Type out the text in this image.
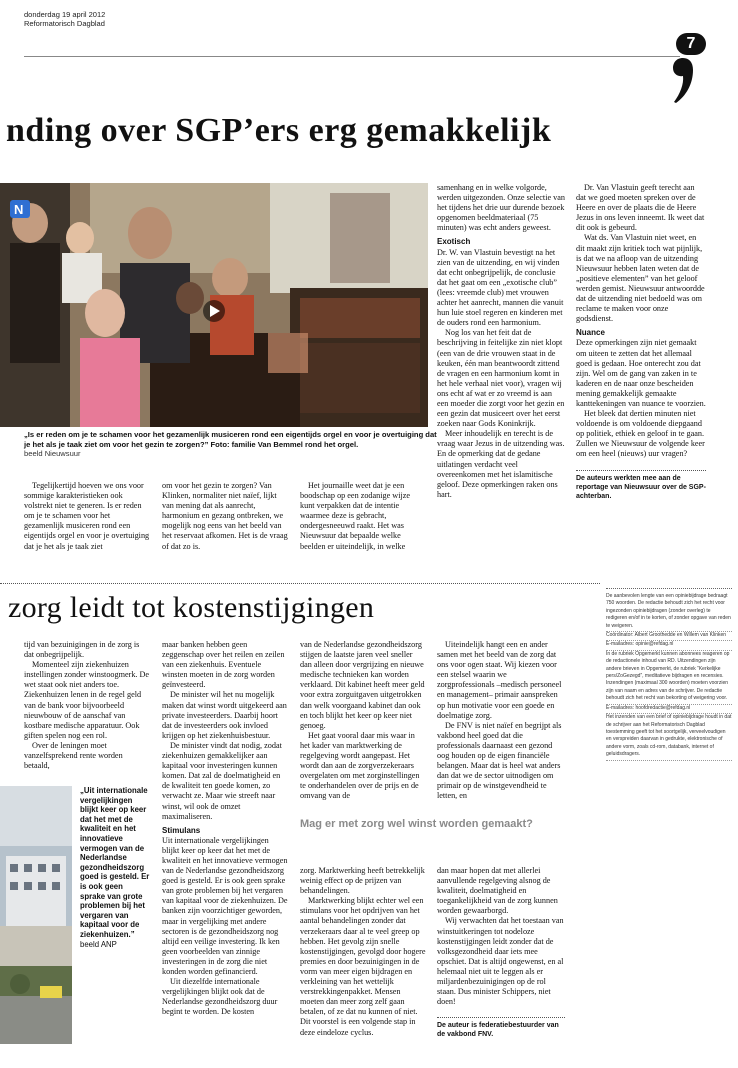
donderdag 19 april 2012
Reformatorisch Dagblad
7
nding over SGP’ers erg gemakkelijk
N
„Is er reden om je te schamen voor het gezamenlijk musiceren rond een eigentijds orgel en voor je overtuiging dat je het als je taak ziet om voor het gezin te zorgen?” Foto: familie Van Bemmel rond het orgel.
beeld Nieuwsuur

Tegelijkertijd hoeven we ons voor sommige karakteristieken ook volstrekt niet te generen. Is er reden om je te schamen voor het gezamenlijk musiceren rond een eigentijds orgel en voor je overtuiging dat je het als je taak ziet

om voor het gezin te zorgen? Van Klinken, normaliter niet naïef, lijkt van mening dat als aanrecht, harmonium en gezang ontbreken, we mogelijk nog eens van het beeld van het reservaat afkomen. Het is de vraag of dat zo is.

Het journaille weet dat je een boodschap op een zodanige wijze kunt verpakken dat de intentie waarmee deze is gebracht, ondergesneeuwd raakt. Het was Nieuwsuur dat bepaalde welke beelden er uiteindelijk, in welke

samenhang en in welke volgorde, werden uitgezonden. Onze selectie van het tijdens het drie uur durende bezoek opgenomen beeldmateriaal (75 minuten) was echt anders geweest.

Exotisch

Dr. W. van Vlastuin bevestigt na het zien van de uitzending, en wij vinden dat echt onbegrijpelijk, de conclusie dat het gaat om een „exotische club” (lees: vreemde club) met vrouwen achter het aanrecht, mannen die vanuit hun luie stoel regeren en kinderen met de ouders rond een harmonium.

Nog los van het feit dat de beschrijving in feitelijke zin niet klopt (een van de drie vrouwen staat in de keuken, één man beantwoordt zittend de vragen en een harmonium komt in het hele verhaal niet voor), vragen wij ons echt af wat er zo vreemd is aan een moeder die zorgt voor het gezin en een gezin dat musiceert over het eerst zoeken naar Gods Koninkrijk.

Meer inhoudelijk en terecht is de vraag waar Jezus in de uitzending was. En de opmerking dat de gedane uitlatingen verdacht veel overeenkomen met het islamitische geloof. Deze opmerkingen raken ons hart.

Dr. Van Vlastuin geeft terecht aan dat we goed moeten spreken over de Heere en over de plaats die de Heere Jezus in ons leven inneemt. Ik weet dat dit ook is gebeurd.

Wat ds. Van Vlastuin niet weet, en dit maakt zijn kritiek toch wat pijnlijk, is dat we na afloop van de uitzending Nieuwsuur hebben laten weten dat de „positieve elementen” van het geloof werden gemist. Nieuwsuur antwoordde dat de uitzending niet bedoeld was om reclame te maken voor onze godsdienst.

Nuance

Deze opmerkingen zijn niet gemaakt om uiteen te zetten dat het allemaal goed is gedaan. Hoe onterecht zou dat zijn. Wel om de gang van zaken in te kaderen en de naar onze bescheiden mening gemakkelijk gemaakte kanttekeningen van nuance te voorzien.

Het bleek dat dertien minuten niet voldoende is om voldoende diepgaand op politiek, ethiek en geloof in te gaan. Zullen we Nieuwsuur de volgende keer om een heel (nieuws) uur vragen?

De auteurs werkten mee aan de reportage van Nieuwsuur over de SGP-achterban.
zorg leidt tot kostenstijgingen

tijd van bezuinigingen in de zorg is dat onbegrijpelijk.

Momenteel zijn ziekenhuizen instellingen zonder winstoogmerk. De wet staat ook niet anders toe. Ziekenhuizen lenen in de regel geld van de bank voor bijvoorbeeld nieuwbouw of de aanschaf van kostbare medische apparatuur. Ook giften spelen nog een rol.

Over de leningen moet vanzelfsprekend rente worden betaald,

„Uit internationale vergelijkingen blijkt keer op keer dat het met de kwaliteit en het innovatieve vermogen van de Nederlandse gezondheidszorg goed is gesteld. Er is ook geen sprake van grote problemen bij het vergaren van kapitaal voor de ziekenhuizen.”
beeld ANP

maar banken hebben geen zeggenschap over het reilen en zeilen van een ziekenhuis. Eventuele winsten moeten in de zorg worden geïnvesteerd.

De minister wil het nu mogelijk maken dat winst wordt uitgekeerd aan private investeerders. Daarbij hoort dat de investeerders ook invloed krijgen op het ziekenhuisbestuur.

De minister vindt dat nodig, zodat ziekenhuizen gemakkelijker aan kapitaal voor investeringen kunnen komen. Dat zal de doelmatigheid en de kwaliteit ten goede komen, zo verwacht ze. Maar wie streeft naar winst, wil ook de omzet maximaliseren.

Stimulans

Uit internationale vergelijkingen blijkt keer op keer dat het met de kwaliteit en het innovatieve vermogen van de Nederlandse gezondheidszorg goed is gesteld. Er is ook geen sprake van grote problemen bij het vergaren van kapitaal voor de ziekenhuizen. De banken zijn voorzichtiger geworden, maar in vergelijking met andere sectoren is de gezondheidszorg nog altijd een veilige investering. Ik ken geen voorbeelden van zinnige investeringen in de zorg die niet konden worden gefinancierd.

Uit diezelfde internationale vergelijkingen blijkt ook dat de Nederlandse gezondheidszorg duur begint te worden. De kosten

van de Nederlandse gezondheidszorg stijgen de laatste jaren veel sneller dan alleen door vergrijzing en nieuwe medische technieken kan worden verklaard. Dit kabinet heeft meer geld voor extra zorguitgaven uitgetrokken dan welk voorgaand kabinet dan ook en toch blijkt het keer op keer niet genoeg.

Het gaat vooral daar mis waar in het kader van marktwerking de regelgeving wordt aangepast. Het wordt dan aan de zorgverzekeraars overgelaten om met zorginstellingen te onderhandelen over de prijs en de omvang van de

Mag er met zorg wel winst worden gemaakt?

zorg. Marktwerking heeft betrekkelijk weinig effect op de prijzen van behandelingen.

Marktwerking blijkt echter wel een stimulans voor het opdrijven van het aantal behandelingen zonder dat verzekeraars daar al te veel greep op hebben. Het gevolg zijn snelle kostenstijgingen, gevolgd door hogere premies en door bezuinigingen in de vorm van meer eigen bijdragen en verkleining van het wettelijk verstrekkingenpakket. Mensen moeten dan meer zorg zelf gaan betalen, of ze dat nu kunnen of niet. Dit voorstel is een volgende stap in deze eindeloze cyclus.

Uiteindelijk hangt een en ander samen met het beeld van de zorg dat ons voor ogen staat. Wij kiezen voor een stelsel waarin we zorgprofessionals –medisch personeel en management– primair aanspreken op hun motivatie voor een goede en doelmatige zorg.

De FNV is niet naïef en begrijpt als vakbond heel goed dat die professionals daarnaast een gezond oog houden op de eigen financiële belangen. Maar dat is heel wat anders dan dat we de sector uitnodigen om primair op de winstgevendheid te letten, en

dan maar hopen dat met allerlei aanvullende regelgeving alsnog de kwaliteit, doelmatigheid en toegankelijkheid van de zorg kunnen worden gewaarborgd.

Wij verwachten dat het toestaan van winstuitkeringen tot nodeloze kostenstijgingen leidt zonder dat de volksgezondheid daar iets mee opschiet. Dat is altijd ongewenst, en al helemaal niet uit te leggen als er miljardenbezuinigingen op de rol staan. Dus minister Schippers, niet doen!

De auteur is federatiebestuurder van de vakbond FNV.
De aanbevolen lengte van een opiniebijdrage bedraagt 750 woorden. De redactie behoudt zich het recht voor ingezonden opiniebijdragen (zonder overleg) te redigeren en/of in te korten, of zonder opgave van reden te weigeren.
Coördinator: Albert Groothedde en Willem van Klinken
E-mailadres: opinie@refdag.nl
In de rubriek Opgemerkt kunnen abonnees reageren op de redactionele inhoud van RD. Uitzendingen zijn andere brieven in Opgemerkt, de rubriek “Kerkelijke pers/ZoGezegd”, meditatieve bijdragen en recensies. Inzendingen (maximaal 300 woorden) moeten voorzien zijn van naam en adres van de schrijver. De redactie behoudt zich het recht van bekorting of weigering voor.
E-mailadres: hoofdredactie@refdag.nl
Het inzenden van een brief of opiniebijdrage houdt in dat de schrijver aan het Reformatorisch Dagblad toestemming geeft tot het soortgelijk, verveelvoudigen en verspreiden daarvan in gedrukte, elektronische of andere vorm, zoals cd-rom, databank, internet of geluidsdragers.
